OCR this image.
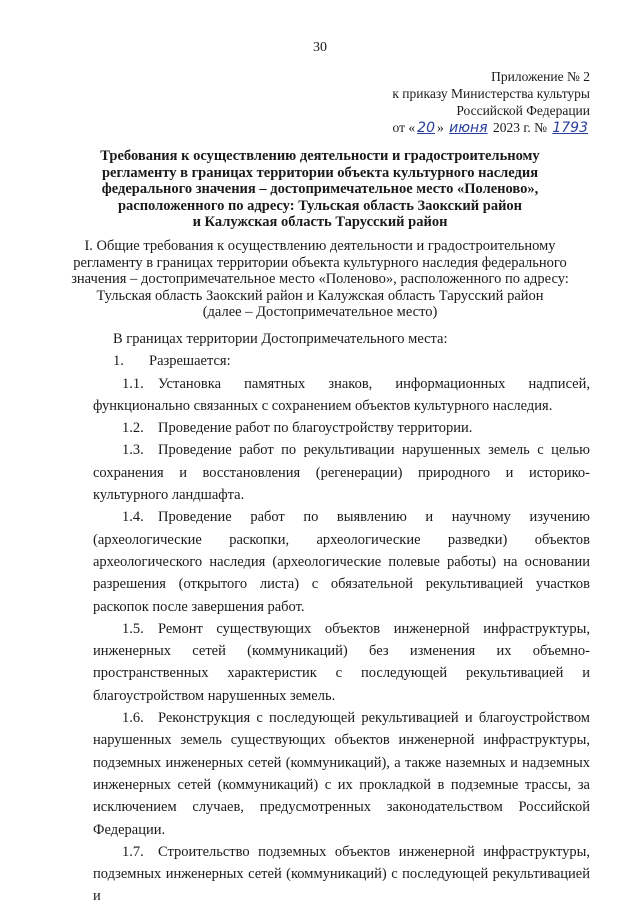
30
Приложение № 2
к приказу Министерства культуры
Российской Федерации
от « 20 » июня 2023 г. № 1793
Требования к осуществлению деятельности и градостроительному
регламенту в границах территории объекта культурного наследия
федерального значения – достопримечательное место «Поленово»,
расположенного по адресу: Тульская область Заокский район
и Калужская область Тарусский район
I. Общие требования к осуществлению деятельности и градостроительному
регламенту в границах территории объекта культурного наследия федерального
значения – достопримечательное место «Поленово», расположенного по адресу:
Тульская область Заокский район и Калужская область Тарусский район
(далее – Достопримечательное место)

В границах территории Достопримечательного места:

1. Разрешается:

1.1. Установка памятных знаков, информационных надписей, функционально связанных с сохранением объектов культурного наследия.

1.2. Проведение работ по благоустройству территории.

1.3. Проведение работ по рекультивации нарушенных земель с целью сохранения и восстановления (регенерации) природного и историко-культурного ландшафта.

1.4. Проведение работ по выявлению и научному изучению (археологические раскопки, археологические разведки) объектов археологического наследия (археологические полевые работы) на основании разрешения (открытого листа) с обязательной рекультивацией участков раскопок после завершения работ.

1.5. Ремонт существующих объектов инженерной инфраструктуры, инженерных сетей (коммуникаций) без изменения их объемно-пространственных характеристик с последующей рекультивацией и благоустройством нарушенных земель.

1.6. Реконструкция с последующей рекультивацией и благоустройством нарушенных земель существующих объектов инженерной инфраструктуры, подземных инженерных сетей (коммуникаций), а также наземных и надземных инженерных сетей (коммуникаций) с их прокладкой в подземные трассы, за исключением случаев, предусмотренных законодательством Российской Федерации.

1.7. Строительство подземных объектов инженерной инфраструктуры, подземных инженерных сетей (коммуникаций) с последующей рекультивацией и
